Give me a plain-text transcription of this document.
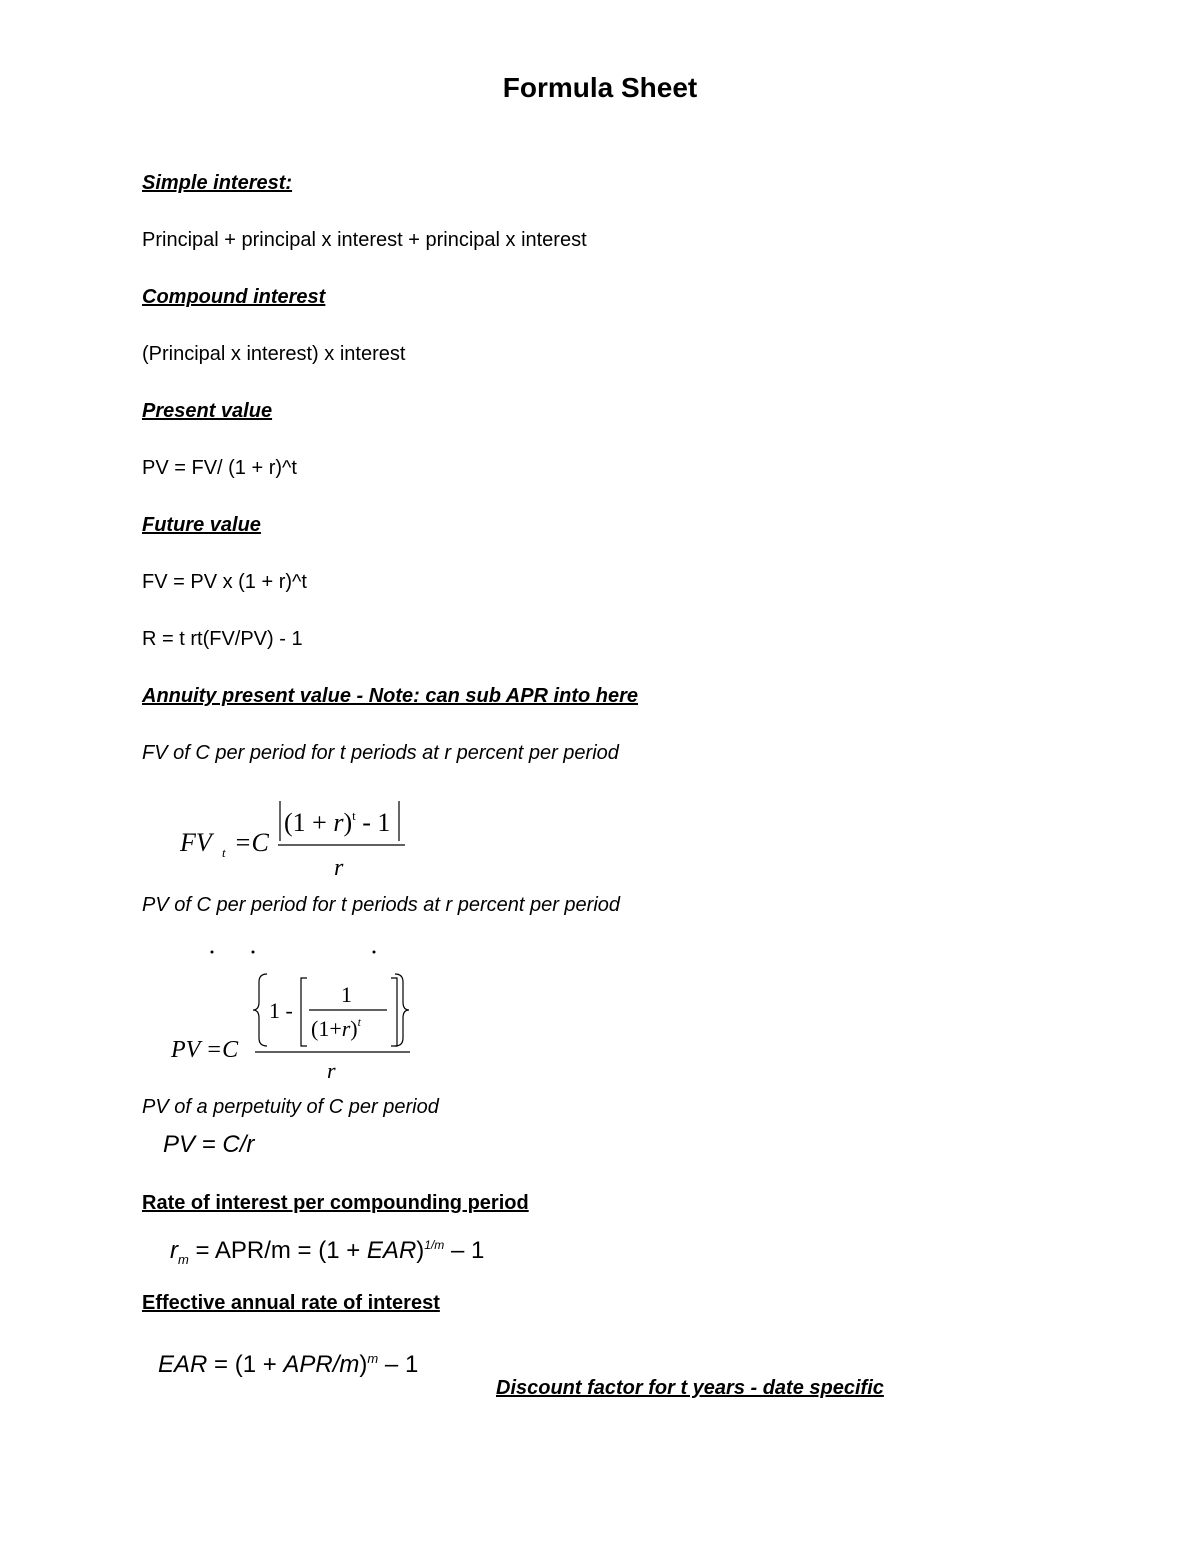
Formula Sheet
Simple interest:
Principal + principal x interest + principal x interest
Compound interest
(Principal x interest) x interest
Present value
PV = FV/ (1 + r)^t
Future value
FV = PV x (1 + r)^t
R = t rt(FV/PV) - 1
Annuity present value - Note: can sub APR into here
FV of C per period for t periods at r percent per period
FV t =C
$(1 + r)^t - 1$
r
PV of C per period for t periods at r percent per period
PV =C
1 -
1
$(1+r)^t$
r
PV of a perpetuity of C per period
PV = C/r
Rate of interest per compounding period
$r_m = APR/m = (1 + EAR)^{1/m} - 1$
Effective annual rate of interest
EAR = (1 + APR/$m)^m - 1$
Discount factor for t years - date specific
